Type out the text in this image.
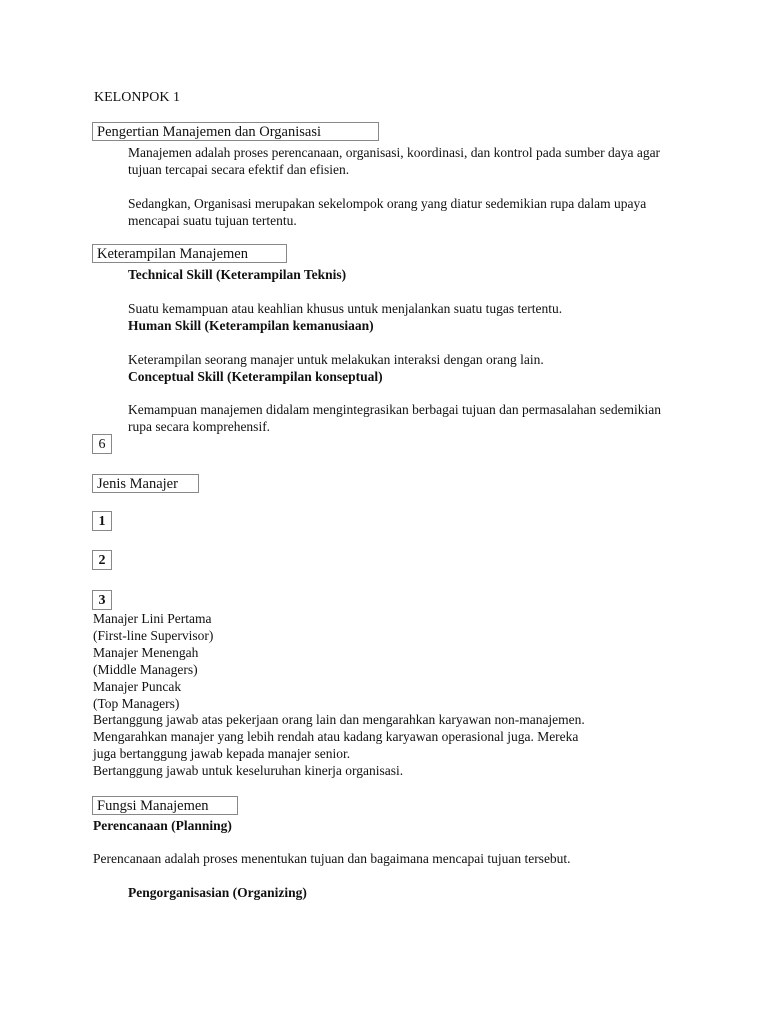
KELONPOK 1
Pengertian Manajemen dan Organisasi
Manajemen adalah proses perencanaan, organisasi, koordinasi, dan kontrol pada sumber daya agar tujuan tercapai secara efektif dan efisien.
Sedangkan, Organisasi merupakan sekelompok orang yang diatur sedemikian rupa dalam upaya mencapai suatu tujuan tertentu.
Keterampilan Manajemen
Technical Skill (Keterampilan Teknis)
Suatu kemampuan atau keahlian khusus untuk menjalankan suatu tugas tertentu.
Human Skill (Keterampilan kemanusiaan)
Keterampilan seorang manajer untuk melakukan interaksi dengan orang lain.
Conceptual Skill (Keterampilan konseptual)
Kemampuan manajemen didalam mengintegrasikan berbagai tujuan dan permasalahan sedemikian rupa secara komprehensif.
6
Jenis Manajer
1
2
3
Manajer Lini Pertama
(First-line Supervisor)
Manajer Menengah
(Middle Managers)
Manajer Puncak
(Top Managers)
Bertanggung jawab atas pekerjaan orang lain dan mengarahkan karyawan non-manajemen.
Mengarahkan manajer yang lebih rendah atau kadang karyawan operasional juga. Mereka
juga bertanggung jawab kepada manajer senior.
Bertanggung jawab untuk keseluruhan kinerja organisasi.
Fungsi Manajemen
Perencanaan (Planning)
Perencanaan adalah proses menentukan tujuan dan bagaimana mencapai tujuan tersebut.
Pengorganisasian (Organizing)
